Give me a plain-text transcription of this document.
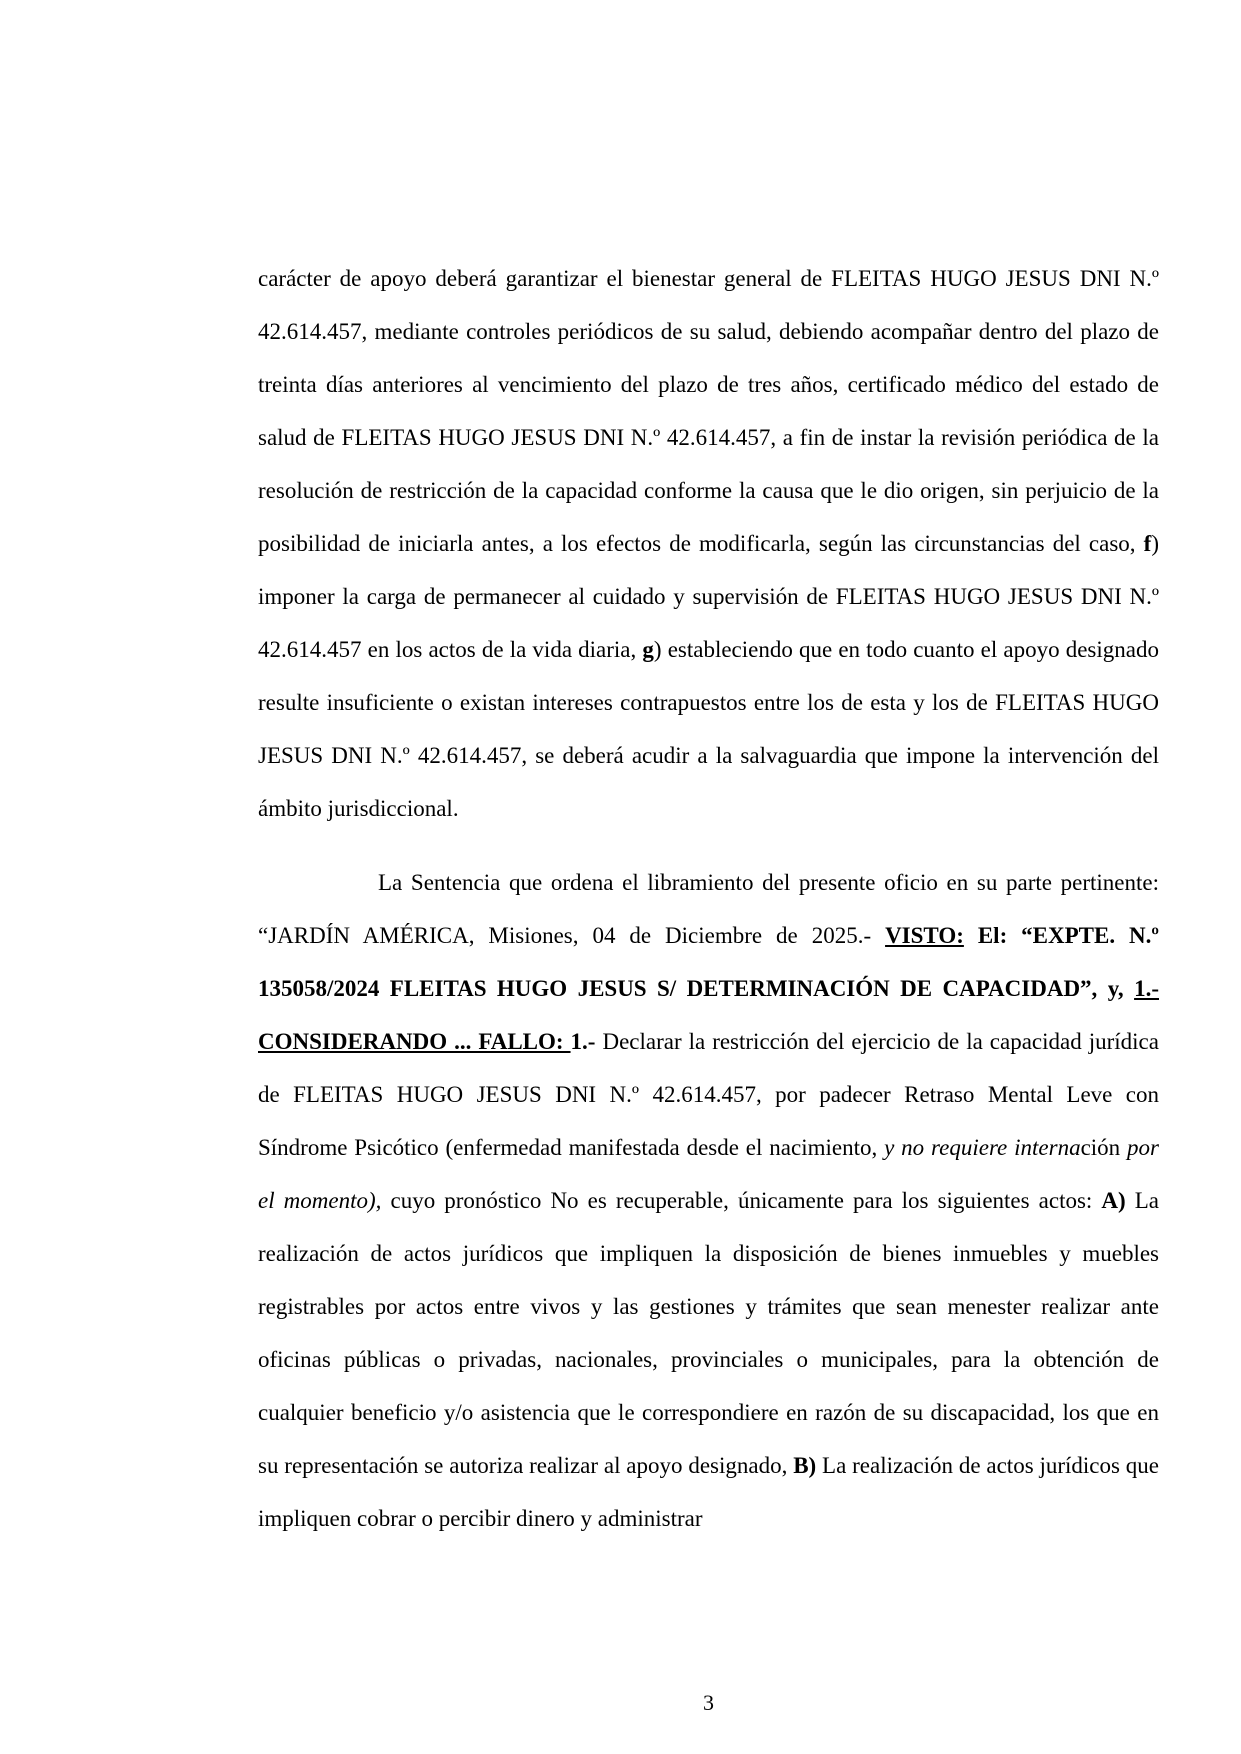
carácter de apoyo deberá garantizar el bienestar general de FLEITAS HUGO JESUS DNI N.º 42.614.457, mediante controles periódicos de su salud, debiendo acompañar dentro del plazo de treinta días anteriores al vencimiento del plazo de tres años, certificado médico del estado de salud de FLEITAS HUGO JESUS DNI N.º 42.614.457, a fin de instar la revisión periódica de la resolución de restricción de la capacidad conforme la causa que le dio origen, sin perjuicio de la posibilidad de iniciarla antes, a los efectos de modificarla, según las circunstancias del caso, f) imponer la carga de permanecer al cuidado y supervisión de FLEITAS HUGO JESUS DNI N.º 42.614.457 en los actos de la vida diaria, g) estableciendo que en todo cuanto el apoyo designado resulte insuficiente o existan intereses contrapuestos entre los de esta y los de FLEITAS HUGO JESUS DNI N.º 42.614.457, se deberá acudir a la salvaguardia que impone la intervención del ámbito jurisdiccional.

La Sentencia que ordena el libramiento del presente oficio en su parte pertinente: “JARDÍN AMÉRICA, Misiones, 04 de Diciembre de 2025.- VISTO: El: “EXPTE. N.º 135058/2024 FLEITAS HUGO JESUS S/ DETERMINACIÓN DE CAPACIDAD”, y, 1.- CONSIDERANDO ... FALLO: 1.- Declarar la restricción del ejercicio de la capacidad jurídica de FLEITAS HUGO JESUS DNI N.º 42.614.457, por padecer Retraso Mental Leve con Síndrome Psicótico (enfermedad manifestada desde el nacimiento, y no requiere internación por el momento), cuyo pronóstico No es recuperable, únicamente para los siguientes actos: A) La realización de actos jurídicos que impliquen la disposición de bienes inmuebles y muebles registrables por actos entre vivos y las gestiones y trámites que sean menester realizar ante oficinas públicas o privadas, nacionales, provinciales o municipales, para la obtención de cualquier beneficio y/o asistencia que le correspondiere en razón de su discapacidad, los que en su representación se autoriza realizar al apoyo designado, B) La realización de actos jurídicos que impliquen cobrar o percibir dinero y administrar

3
